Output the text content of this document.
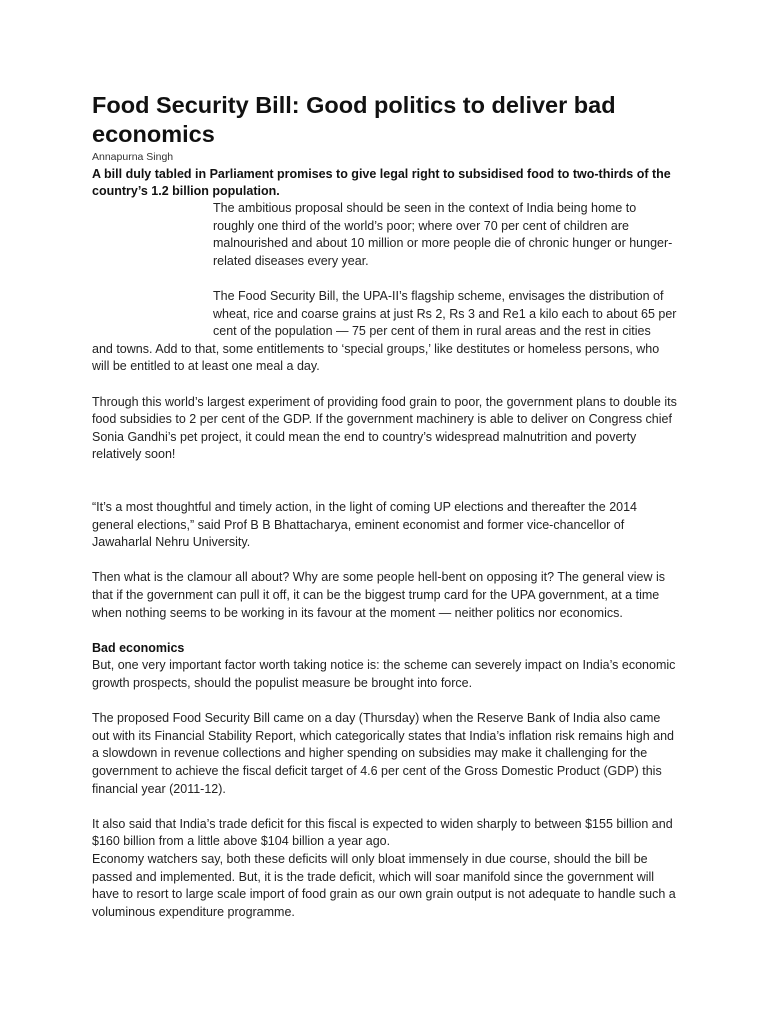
Food Security Bill: Good politics to deliver bad economics
Annapurna Singh
A bill duly tabled in Parliament promises to give legal right to subsidised food to two-thirds of the country’s 1.2 billion population.

The ambitious proposal should be seen in the context of India being home to roughly one third of the world’s poor; where over 70 per cent of children are malnourished and about 10 million or more people die of chronic hunger or hunger-related diseases every year.

The Food Security Bill, the UPA-II’s flagship scheme, envisages the distribution of wheat, rice and coarse grains at just Rs 2, Rs 3 and Re1 a kilo each to about 65 per cent of the population — 75 per cent of them in rural areas and the rest in cities

and towns. Add to that, some entitlements to ‘special groups,’ like destitutes or homeless persons, who will be entitled to at least one meal a day.

Through this world’s largest experiment of providing food grain to poor, the government plans to double its food subsidies to 2 per cent of the GDP. If the government machinery is able to deliver on Congress chief Sonia Gandhi’s pet project, it could mean the end to country’s widespread malnutrition and poverty relatively soon!

“It’s a most thoughtful and timely action, in the light of coming UP elections and thereafter the 2014 general elections,” said Prof B B Bhattacharya, eminent economist and former vice-chancellor of Jawaharlal Nehru University.

Then what is the clamour all about? Why are some people hell-bent on opposing it? The general view is that if the government can pull it off, it can be the biggest trump card for the UPA government, at a time when nothing seems to be working in its favour at the moment — neither politics nor economics.

Bad economics

But, one very important factor worth taking notice is: the scheme can severely impact on India’s economic growth prospects, should the populist measure be brought into force.

The proposed Food Security Bill came on a day (Thursday) when the Reserve Bank of India also came out with its Financial Stability Report, which categorically states that India’s inflation risk remains high and a slowdown in revenue collections and higher spending on subsidies may make it challenging for the government to achieve the fiscal deficit target of 4.6 per cent of the Gross Domestic Product (GDP) this financial year (2011-12).

It also said that India’s trade deficit for this fiscal is expected to widen sharply to between $155 billion and $160 billion from a little above $104 billion a year ago.

Economy watchers say, both these deficits will only bloat immensely in due course, should the bill be passed and implemented. But, it is the trade deficit, which will soar manifold since the government will have to resort to large scale import of food grain as our own grain output is not adequate to handle such a voluminous expenditure programme.
